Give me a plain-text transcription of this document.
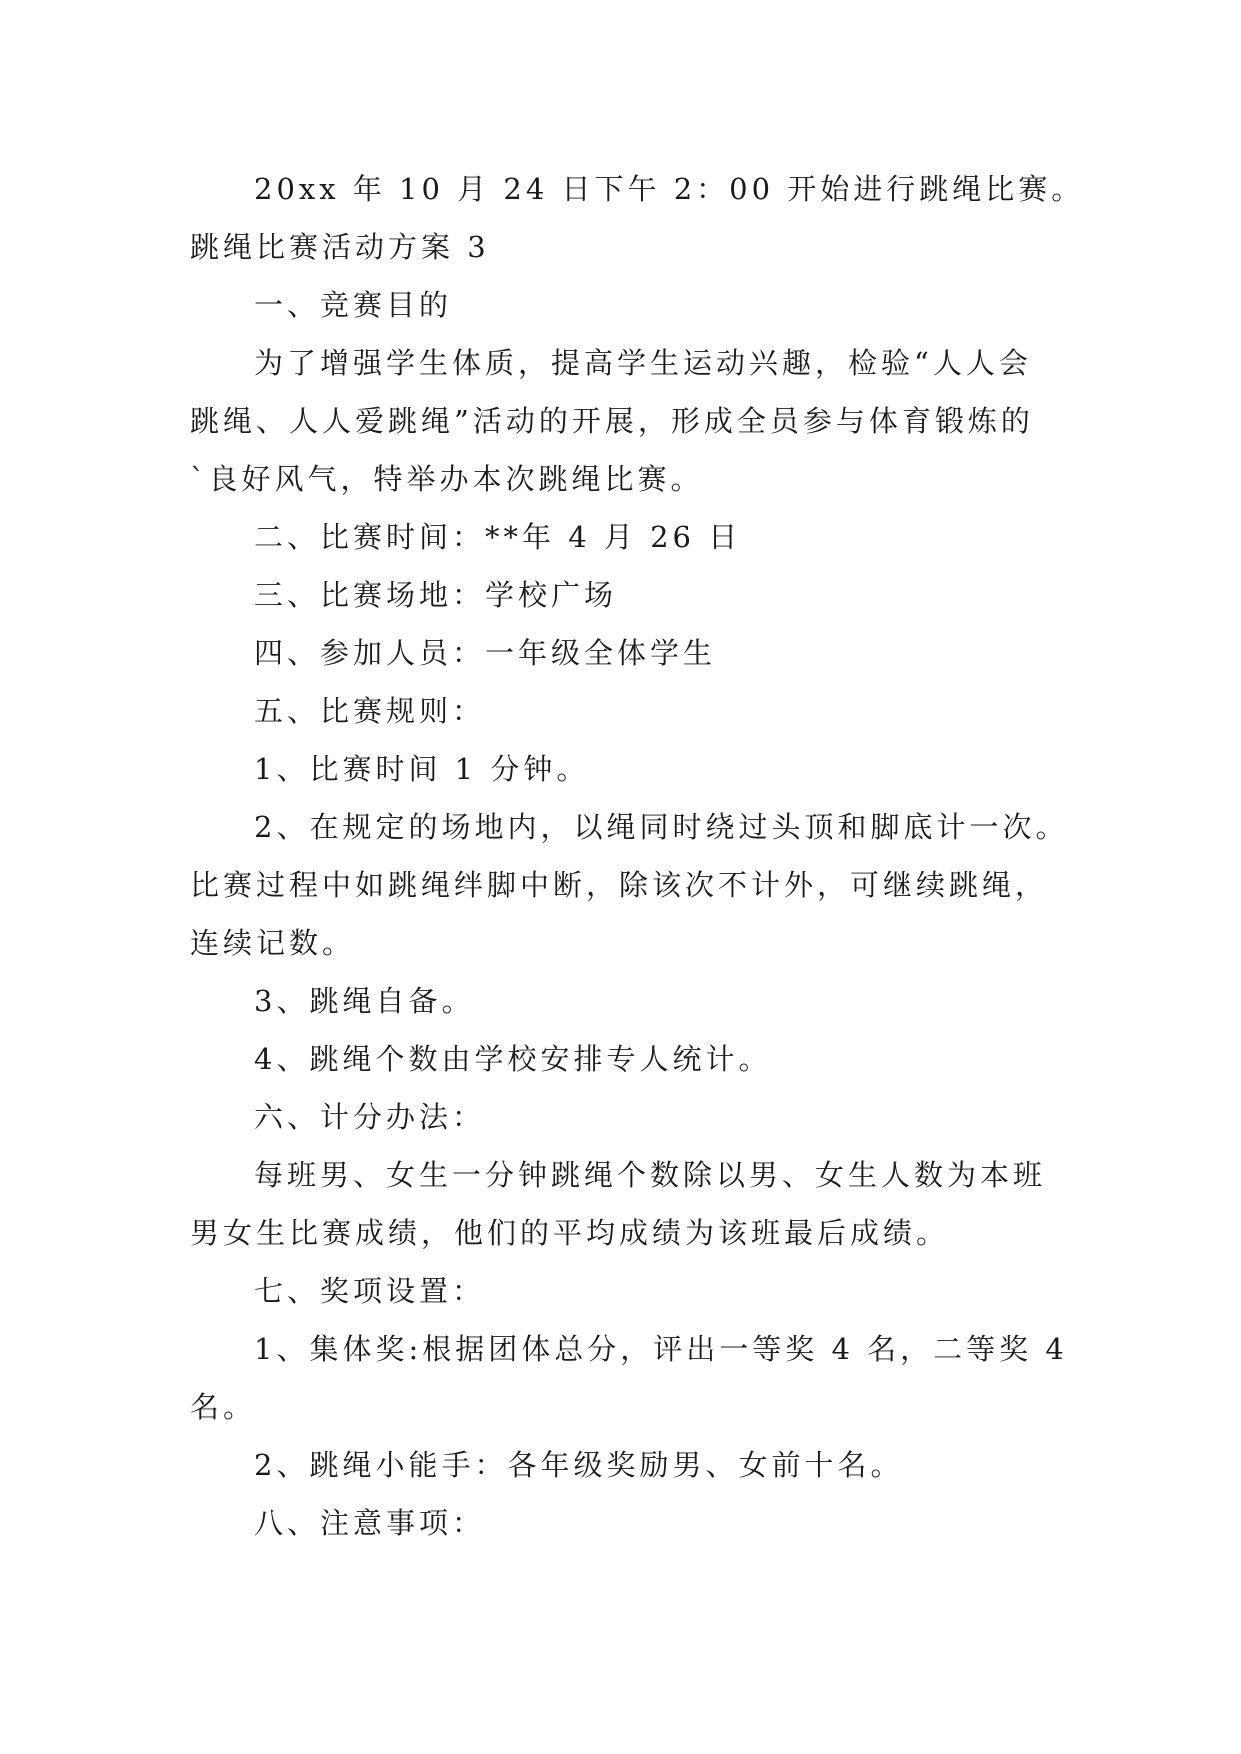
20xx 年 10 月 24 日下午 2：00 开始进行跳绳比赛。
跳绳比赛活动方案 3
一、竞赛目的
为了增强学生体质，提高学生运动兴趣，检验“人人会
跳绳、人人爱跳绳”活动的开展，形成全员参与体育锻炼的
`良好风气，特举办本次跳绳比赛。
二、比赛时间：**年 4 月 26 日
三、比赛场地：学校广场
四、参加人员：一年级全体学生
五、比赛规则：
1、比赛时间 1 分钟。
2、在规定的场地内，以绳同时绕过头顶和脚底计一次。
比赛过程中如跳绳绊脚中断，除该次不计外，可继续跳绳，
连续记数。
3、跳绳自备。
4、跳绳个数由学校安排专人统计。
六、计分办法：
每班男、女生一分钟跳绳个数除以男、女生人数为本班
男女生比赛成绩，他们的平均成绩为该班最后成绩。
七、奖项设置：
1、集体奖:根据团体总分，评出一等奖 4 名，二等奖 4
名。
2、跳绳小能手：各年级奖励男、女前十名。
八、注意事项：
